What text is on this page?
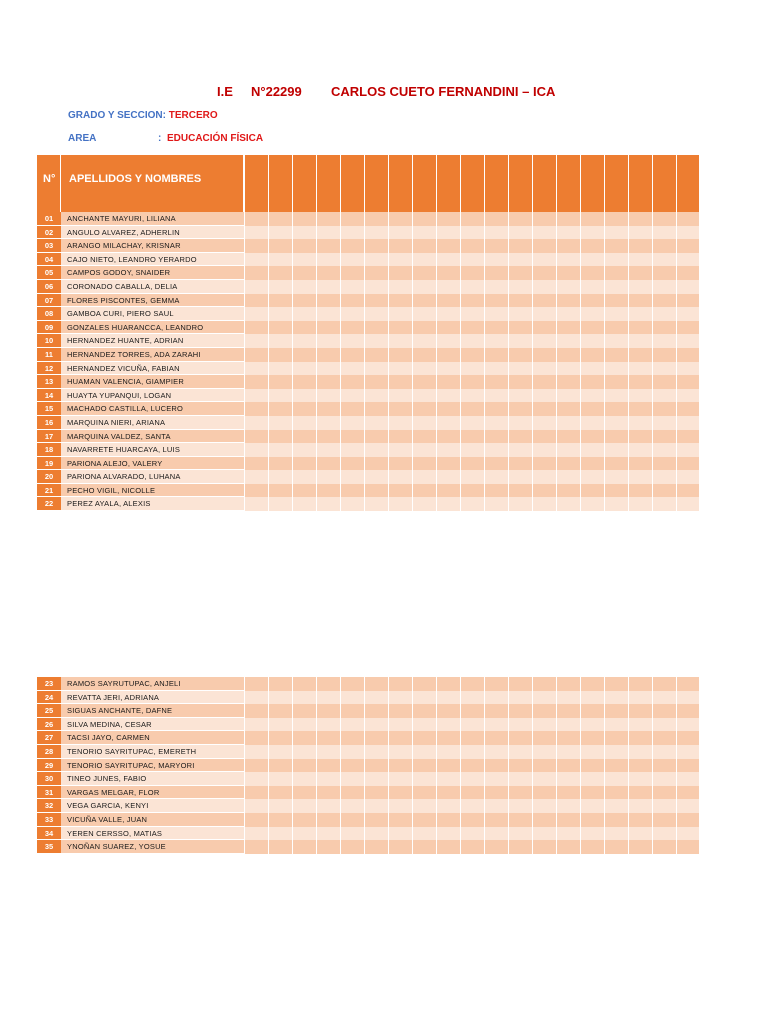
I.E N°22299 CARLOS CUETO FERNANDINI – ICA
GRADO Y SECCION: TERCERO
AREA	: EDUCACIÓN FÍSICA
N° APELLIDOS Y NOMBRES
01	ANCHANTE MAYURI, LILIANA
02	ANGULO ALVAREZ, ADHERLIN
03	ARANGO MILACHAY, KRISNAR
04	CAJO NIETO, LEANDRO YERARDO
05	CAMPOS GODOY, SNAIDER
06	CORONADO CABALLA, DELIA
07	FLORES PISCONTES, GEMMA
08	GAMBOA CURI, PIERO SAUL
09	GONZALES HUARANCCA, LEANDRO
10	HERNANDEZ HUANTE, ADRIAN
11	HERNANDEZ TORRES, ADA ZARAHI
12	HERNANDEZ VICUÑA, FABIAN
13	HUAMAN VALENCIA, GIAMPIER
14	HUAYTA YUPANQUI, LOGAN
15	MACHADO CASTILLA, LUCERO
16	MARQUINA NIERI, ARIANA
17	MARQUINA VALDEZ, SANTA
18	NAVARRETE HUARCAYA, LUIS
19	PARIONA ALEJO, VALERY
20	PARIONA ALVARADO, LUHANA
21	PECHO VIGIL, NICOLLE
22	PEREZ AYALA, ALEXIS
23	RAMOS SAYRUTUPAC, ANJELI
24	REVATTA JERI, ADRIANA
25	SIGUAS ANCHANTE, DAFNE
26	SILVA MEDINA, CESAR
27	TACSI JAYO, CARMEN
28	TENORIO SAYRITUPAC, EMERETH
29	TENORIO SAYRITUPAC, MARYORI
30	TINEO JUNES, FABIO
31	VARGAS MELGAR, FLOR
32	VEGA GARCIA, KENYI
33	VICUÑA VALLE, JUAN
34	YEREN CERSSO, MATIAS
35	YNOÑAN SUAREZ, YOSUE
